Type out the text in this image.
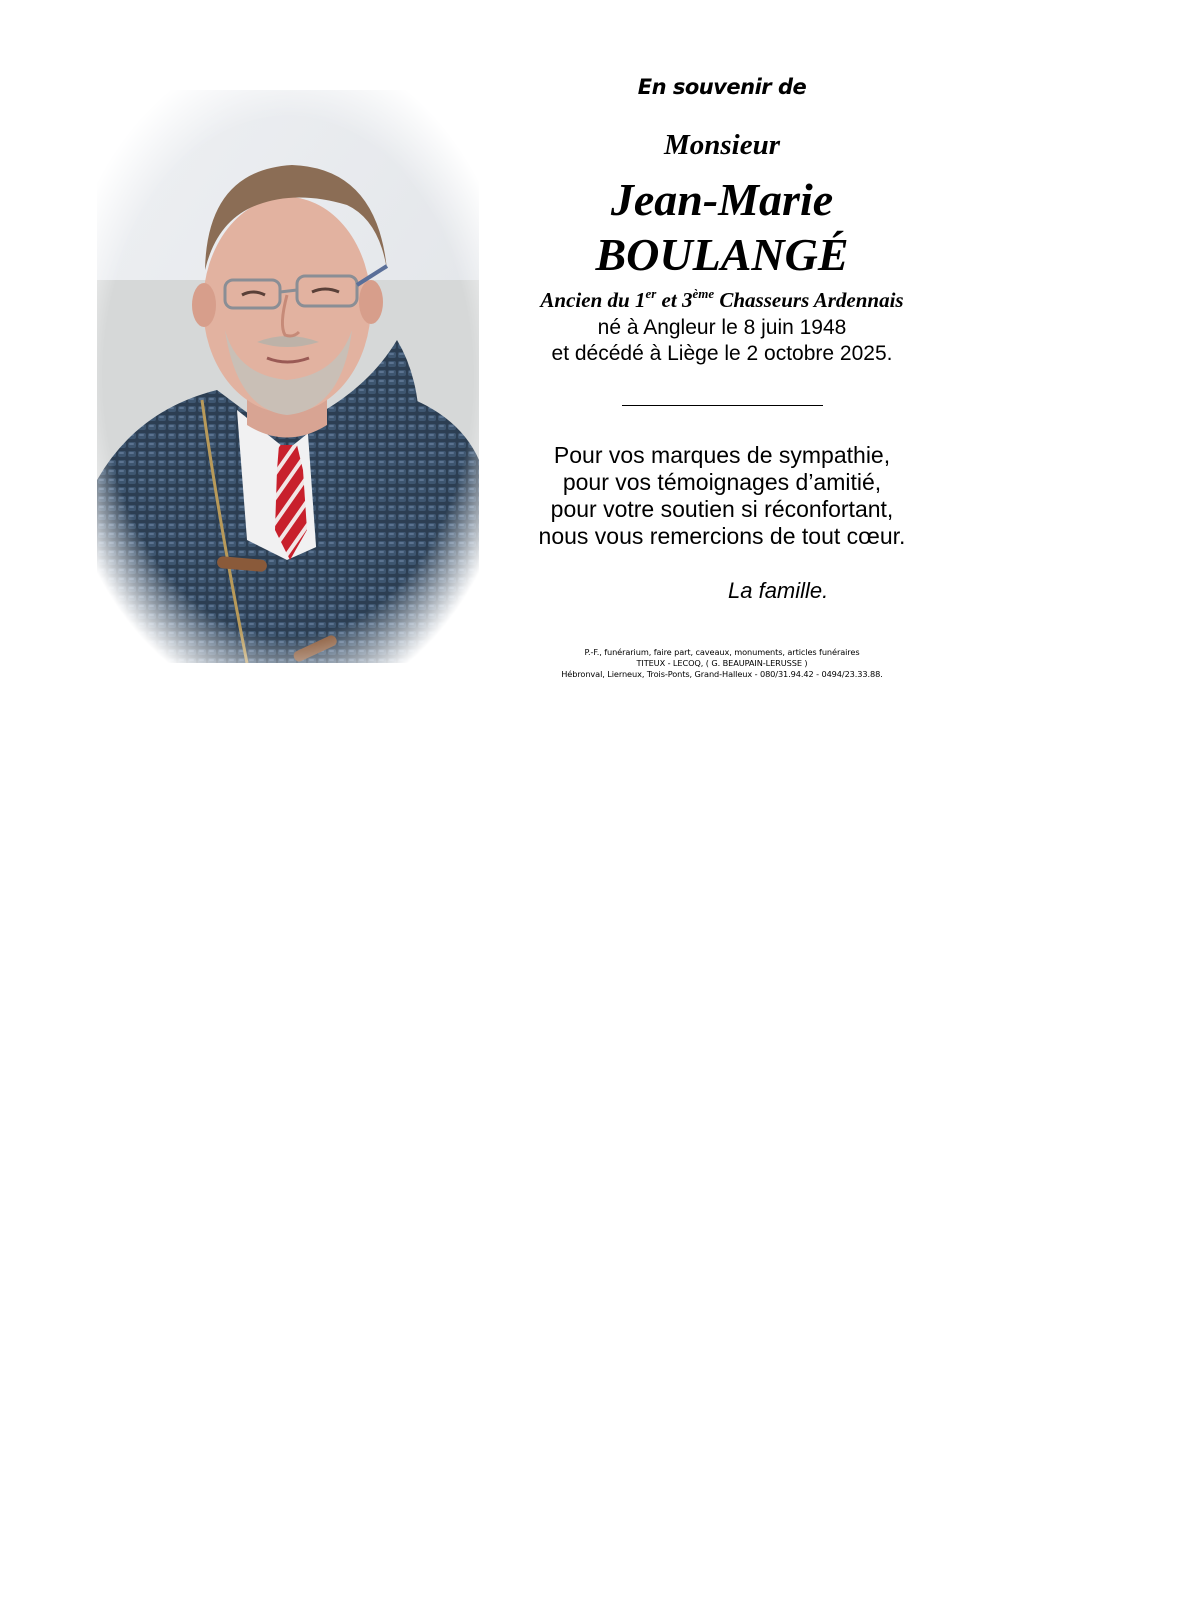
En souvenir de
Monsieur
Jean-Marie
BOULANGÉ
Ancien du 1er et 3ème Chasseurs Ardennais
né à Angleur le 8 juin 1948
et décédé à Liège le 2 octobre 2025.
Pour vos marques de sympathie,
pour vos témoignages d’amitié,
pour votre soutien si réconfortant,
nous vous remercions de tout cœur.
La famille.
P.-F., funérarium, faire part, caveaux, monuments, articles funéraires
TITEUX - LECOQ, ( G. BEAUPAIN-LERUSSE )
Hébronval, Lierneux, Trois-Ponts, Grand-Halleux - 080/31.94.42 - 0494/23.33.88.
